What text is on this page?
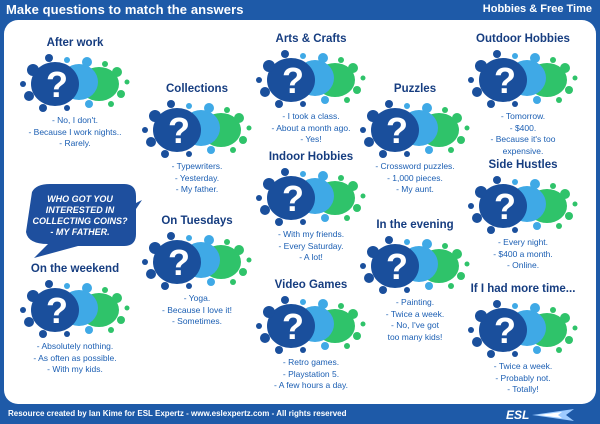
Make questions to match the answers	Hobbies & Free Time
After work
- No, I don't.
- Because I work nights..
- Rarely.
On the weekend
- Absolutely nothing.
- As often as possible.
- With my kids.
WHO GOT YOU
INTERESTED IN
COLLECTING COINS?
- MY FATHER.
Collections
- Typewriters.
- Yesterday.
- My father.
On Tuesdays
- Yoga.
- Because I love it!
- Sometimes.
Arts & Crafts
- I took a class.
- About a month ago.
- Yes!
Indoor Hobbies
- With my friends.
- Every Saturday.
- A lot!
Video Games
- Retro games.
- Playstation 5.
- A few hours a day.
Puzzles
- Crossword puzzles.
- 1,000 pieces.
- My aunt.
In the evening
- Painting.
- Twice a week.
- No, I've got
too many kids!
Outdoor Hobbies
- Tomorrow.
- $400.
- Because it's too
expensive.
Side Hustles
- Every night.
- $400 a month.
- Online.
If I had more time...
- Twice a week.
- Probably not.
- Totally!
Resource created by Ian Kime for ESL Expertz - www.eslexpertz.com - All rights reserved	ESL
